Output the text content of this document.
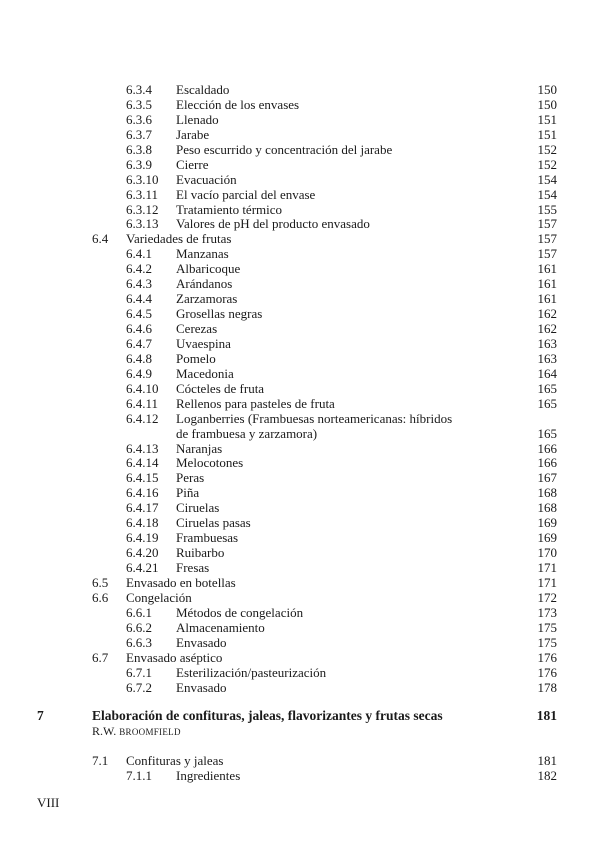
6.3.4 Escaldado	150
6.3.5 Elección de los envases	150
6.3.6 Llenado	151
6.3.7 Jarabe	151
6.3.8 Peso escurrido y concentración del jarabe	152
6.3.9 Cierre	152
6.3.10 Evacuación	154
6.3.11 El vacío parcial del envase	154
6.3.12 Tratamiento térmico	155
6.3.13 Valores de pH del producto envasado	157
6.4 Variedades de frutas	157
6.4.1 Manzanas	157
6.4.2 Albaricoque	161
6.4.3 Arándanos	161
6.4.4 Zarzamoras	161
6.4.5 Grosellas negras	162
6.4.6 Cerezas	162
6.4.7 Uvaespina	163
6.4.8 Pomelo	163
6.4.9 Macedonia	164
6.4.10 Cócteles de fruta	165
6.4.11 Rellenos para pasteles de fruta	165
6.4.12 Loganberries (Frambuesas norteamericanas: híbridos
de frambuesa y zarzamora)	165
6.4.13 Naranjas	166
6.4.14 Melocotones	166
6.4.15 Peras	167
6.4.16 Piña	168
6.4.17 Ciruelas	168
6.4.18 Ciruelas pasas	169
6.4.19 Frambuesas	169
6.4.20 Ruibarbo	170
6.4.21 Fresas	171
6.5 Envasado en botellas	171
6.6 Congelación	172
6.6.1 Métodos de congelación	173
6.6.2 Almacenamiento	175
6.6.3 Envasado	175
6.7 Envasado aséptico	176
6.7.1 Esterilización/pasteurización	176
6.7.2 Envasado	178
7	Elaboración de confituras, jaleas, flavorizantes y frutas secas	181
R.W. BROOMFIELD
7.1 Confituras y jaleas	181
7.1.1 Ingredientes	182
VIII
